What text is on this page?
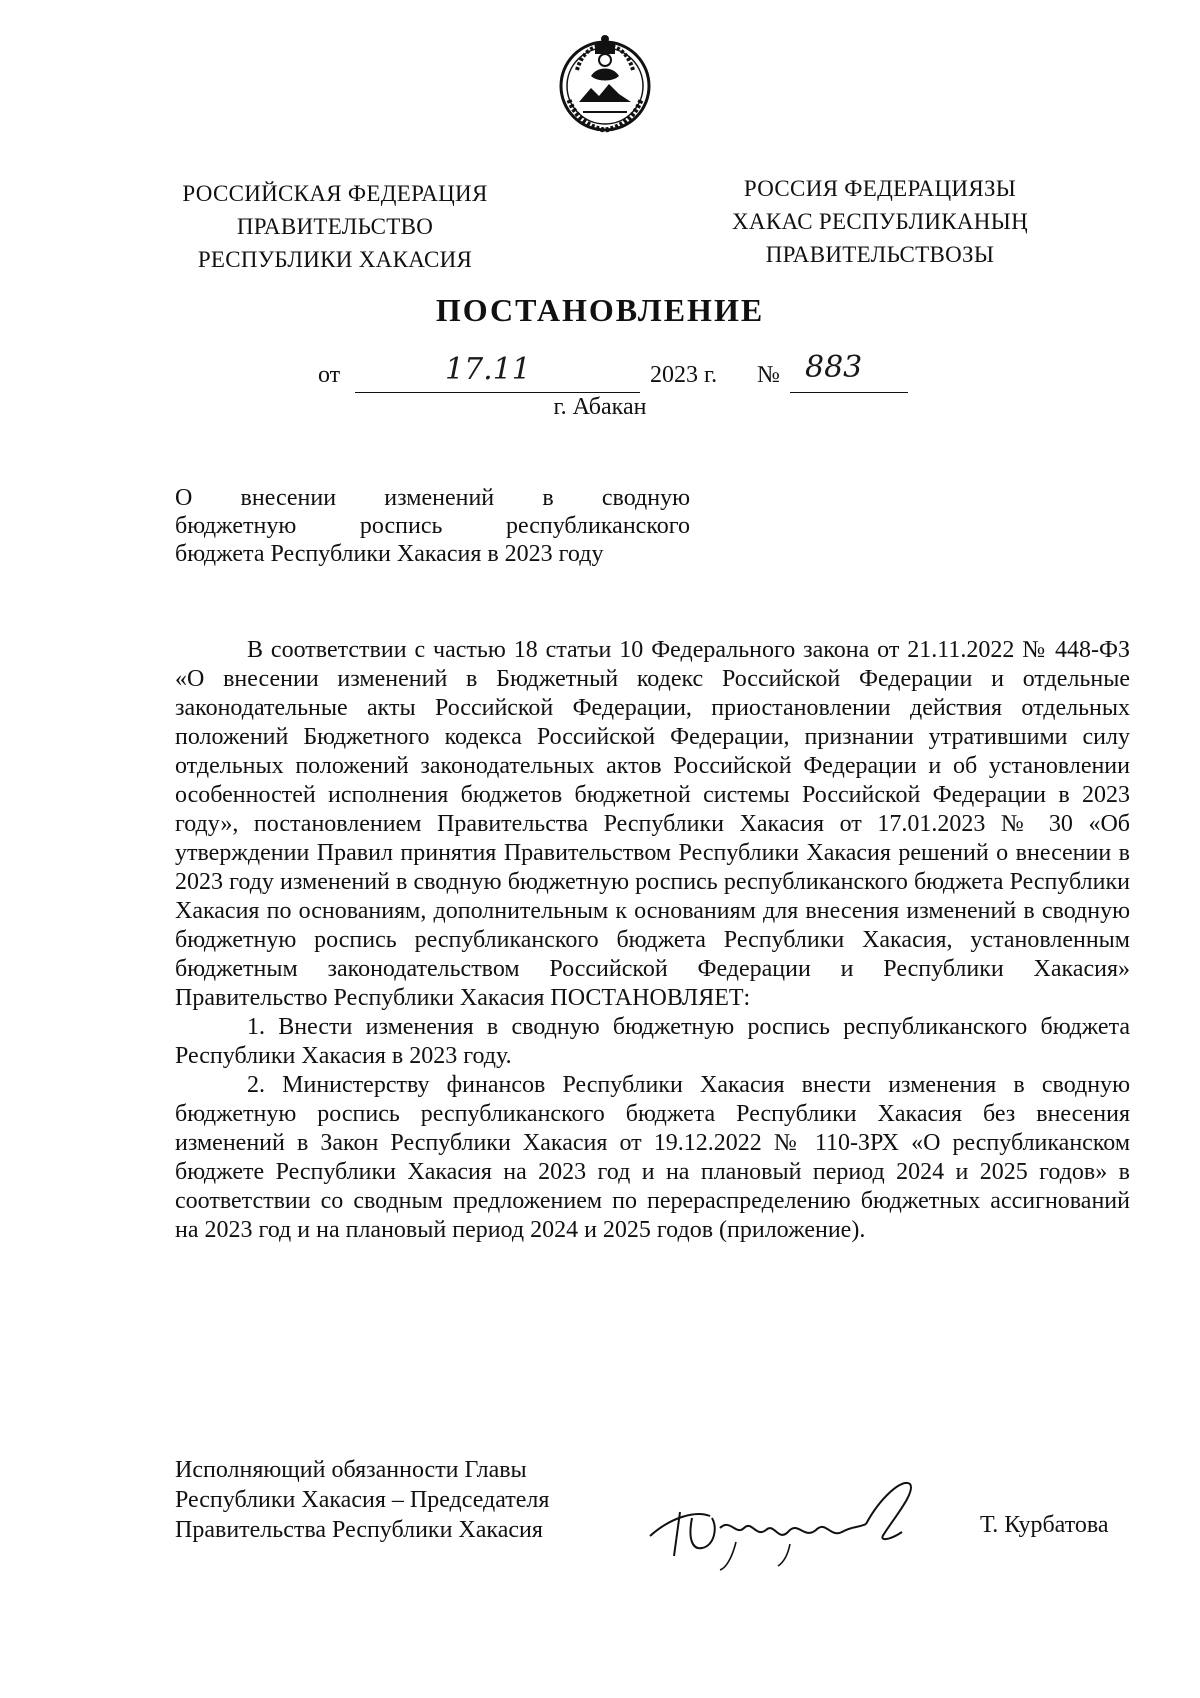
РОССИЙСКАЯ ФЕДЕРАЦИЯ
ПРАВИТЕЛЬСТВО
РЕСПУБЛИКИ ХАКАСИЯ
РОССИЯ ФЕДЕРАЦИЯЗЫ
ХАКАС РЕСПУБЛИКАНЫҢ
ПРАВИТЕЛЬСТВОЗЫ
ПОСТАНОВЛЕНИЕ
от	17.11	2023 г. № 883
г. Абакан
О внесении изменений в сводную
бюджетную роспись республиканского
бюджета Республики Хакасия в 2023 году

В соответствии с частью 18 статьи 10 Федерального закона от 21.11.2022 № 448-ФЗ «О внесении изменений в Бюджетный кодекс Российской Федерации и отдельные законодательные акты Российской Федерации, приостановлении действия отдельных положений Бюджетного кодекса Российской Федерации, признании утратившими силу отдельных положений законодательных актов Российской Федерации и об установлении особенностей исполнения бюджетов бюджетной системы Российской Федерации в 2023 году», постановлением Правительства Республики Хакасия от 17.01.2023 № 30 «Об утверждении Правил принятия Правительством Республики Хакасия решений о внесении в 2023 году изменений в сводную бюджетную роспись республиканского бюджета Республики Хакасия по основаниям, дополнительным к основаниям для внесения изменений в сводную бюджетную роспись республиканского бюджета Республики Хакасия, установленным бюджетным законодательством Российской Федерации и Республики Хакасия» Правительство Республики Хакасия ПОСТАНОВЛЯЕТ:

1. Внести изменения в сводную бюджетную роспись республиканского бюджета Республики Хакасия в 2023 году.

2. Министерству финансов Республики Хакасия внести изменения в сводную бюджетную роспись республиканского бюджета Республики Хакасия без внесения изменений в Закон Республики Хакасия от 19.12.2022 № 110-ЗРХ «О республиканском бюджете Республики Хакасия на 2023 год и на плановый период 2024 и 2025 годов» в соответствии со сводным предложением по перераспределению бюджетных ассигнований на 2023 год и на плановый период 2024 и 2025 годов (приложение).

Исполняющий обязанности Главы
Республики Хакасия – Председателя
Правительства Республики Хакасия	Т. Курбатова
